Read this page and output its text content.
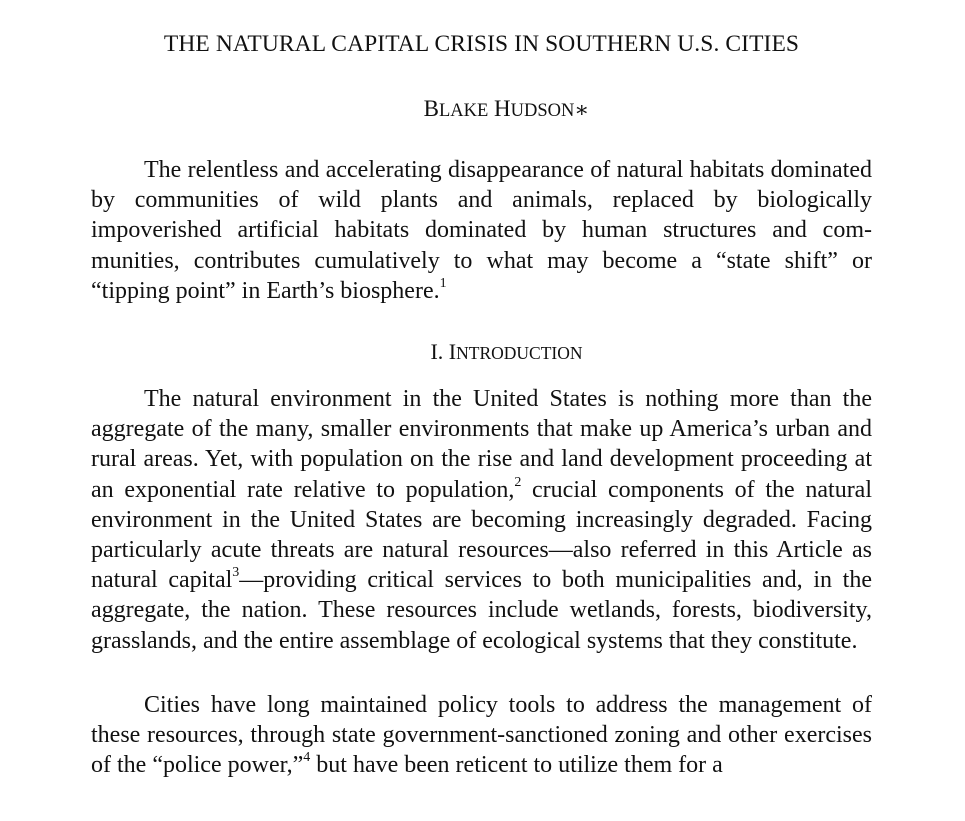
THE NATURAL CAPITAL CRISIS IN SOUTHERN U.S. CITIES
BLAKE HUDSON∗

The relentless and accelerating disappearance of natural habitats dominated by communities of wild plants and animals, replaced by biologically impoverished artificial habitats dominated by human structures and communities, contributes cumulatively to what may become a “state shift” or “tipping point” in Earth’s biosphere.$^1$

I. INTRODUCTION

The natural environment in the United States is nothing more than the aggregate of the many, smaller environments that make up America’s urban and rural areas. Yet, with population on the rise and land development proceeding at an exponential rate relative to population,$^2$ crucial components of the natural environment in the United States are becoming increasingly degraded. Facing particularly acute threats are natural resources—also referred in this Article as natural capital$^3$—providing critical services to both municipalities and, in the aggregate, the nation. These resources include wetlands, forests, biodiversity, grasslands, and the entire assemblage of ecological systems that they constitute.

Cities have long maintained policy tools to address the management of these resources, through state government-sanctioned zoning and other exercises of the “police power,”$^4$ but have been reticent to utilize them for a
